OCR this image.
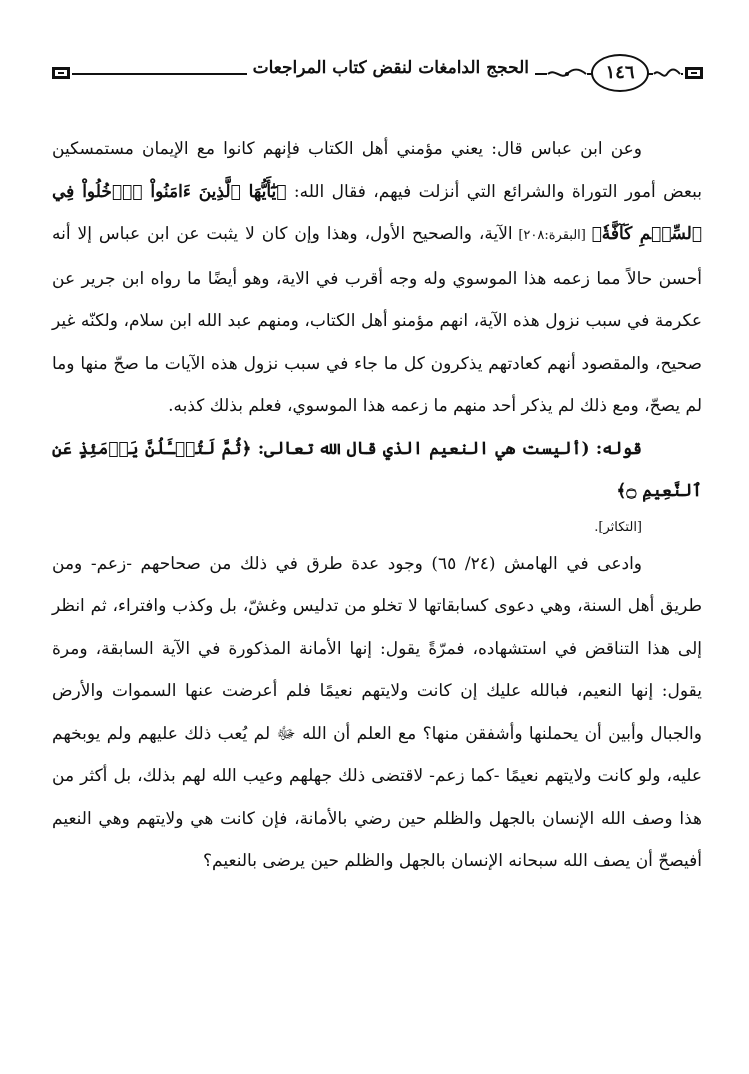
١٤٦
الحجج الدامغات لنقض كتاب المراجعات

وعن ابن عباس قال: يعني مؤمني أهل الكتاب فإنهم كانوا مع الإيمان مستمسكين ببعض أمور التوراة والشرائع التي أنزلت فيهم، فقال الله: ﴿يَٰٓأَيُّهَا ٱلَّذِينَ ءَامَنُواْ ٱدۡخُلُواْ فِي ٱلسِّلۡمِ كَآفَّةٗ﴾ [البقرة:٢٠٨] الآية، والصحيح الأول، وهذا وإن كان لا يثبت عن ابن عباس إلا أنه أحسن حالاً مما زعمه هذا الموسوي وله وجه أقرب في الاية، وهو أيضًا ما رواه ابن جرير عن عكرمة في سبب نزول هذه الآية، انهم مؤمنو أهل الكتاب، ومنهم عبد الله ابن سلام، ولكنّه غير صحيح، والمقصود أنهم كعادتهم يذكرون كل ما جاء في سبب نزول هذه الآيات ما صحّ منها وما لم يصحّ، ومع ذلك لم يذكر أحد منهم ما زعمه هذا الموسوي، فعلم بذلك كذبه.

قوله: (أليست هي النعيم الذي قال الله تعالى: ﴿ثُمَّ لَتُسۡـَٔلُنَّ يَوۡمَئِذٍ عَنِ ٱلنَّعِيمِ ۝﴾
[التكاثر].

وادعى في الهامش (٢٤/ ٦٥) وجود عدة طرق في ذلك من صحاحهم -زعم- ومن طريق أهل السنة، وهي دعوى كسابقاتها لا تخلو من تدليس وغشّ، بل وكذب وافتراء، ثم انظر إلى هذا التناقض في استشهاده، فمرّةً يقول: إنها الأمانة المذكورة في الآية السابقة، ومرة يقول: إنها النعيم، فبالله عليك إن كانت ولايتهم نعيمًا فلم أعرضت عنها السموات والأرض والجبال وأبين أن يحملنها وأشفقن منها؟ مع العلم أن الله ﷻ لم يُعب ذلك عليهم ولم يوبخهم عليه، ولو كانت ولايتهم نعيمًا -كما زعم- لاقتضى ذلك جهلهم وعيب الله لهم بذلك، بل أكثر من هذا وصف الله الإنسان بالجهل والظلم حين رضي بالأمانة، فإن كانت هي ولايتهم وهي النعيم أفيصحّ أن يصف الله سبحانه الإنسان بالجهل والظلم حين يرضى بالنعيم؟
